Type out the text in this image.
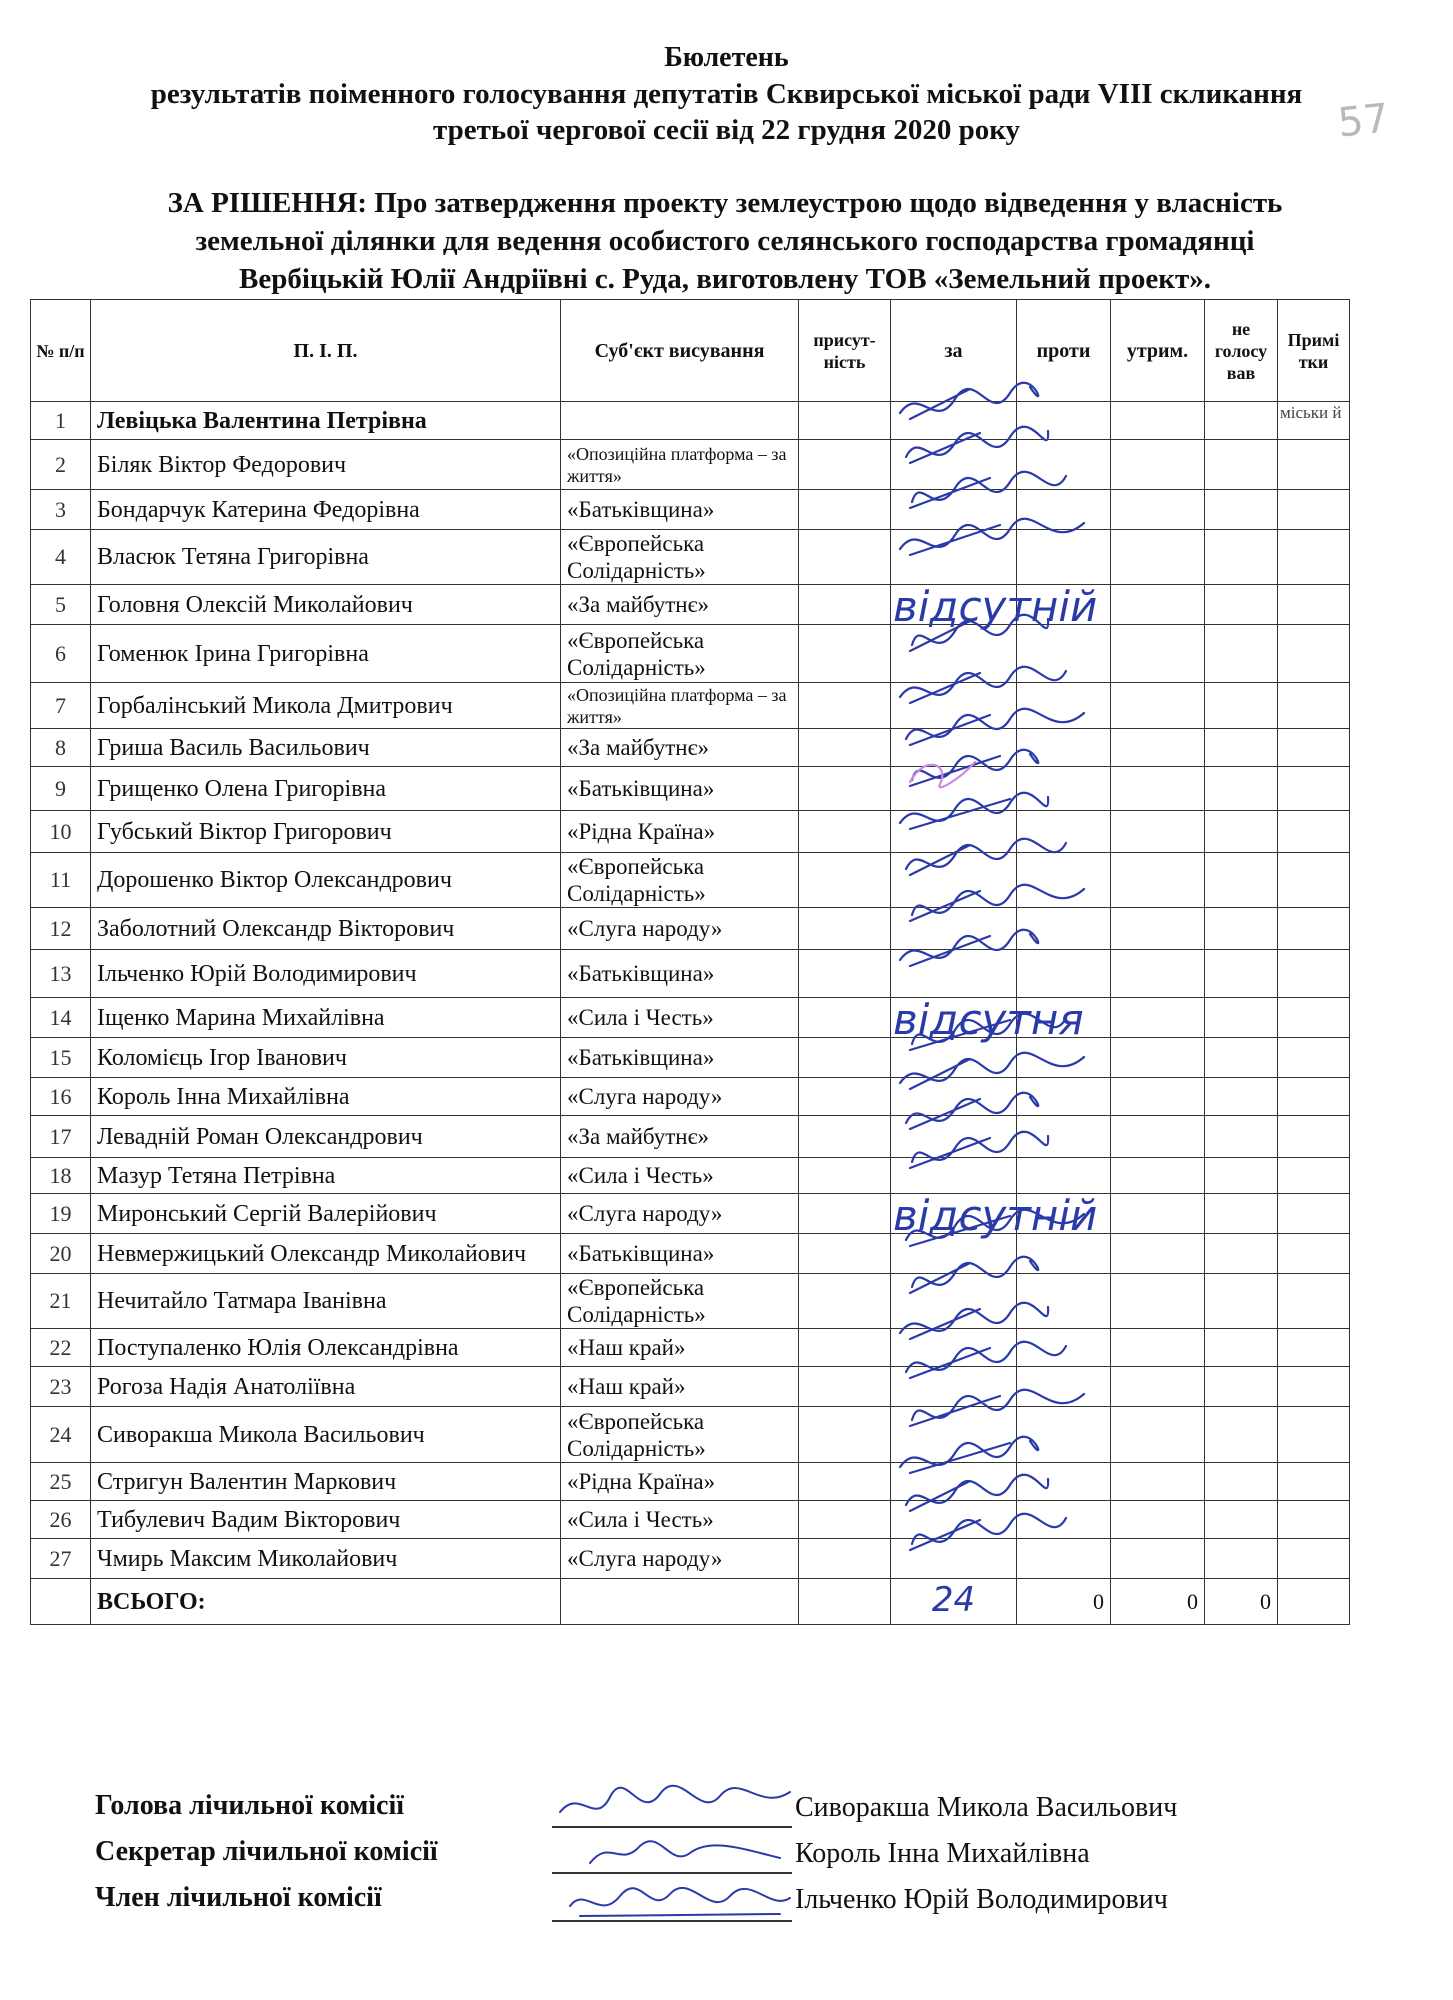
Бюлетень
результатів поіменного голосування депутатів Сквирської міської ради VIII скликання
третьої чергової сесії від 22 грудня 2020 року	57
ЗА РІШЕННЯ: Про затвердження проекту землеустрою щодо відведення у власність
земельної ділянки для ведення особистого селянського господарства громадянці
Вербіцькій Юлії Андріївні с. Руда, виготовлену ТОВ «Земельний проект».
№ п/п	П. І. П.	Суб'єкт висування	присут-ність	за	проти	утрим.	не голосу вав	Примі тки
1	Левіцька Валентина Петрівна							міськи й
2	Біляк Віктор Федорович	«Опозиційна платформа – за життя»						
3	Бондарчук Катерина Федорівна	«Батьківщина»						
4	Власюк Тетяна Григорівна	«Європейська Солідарність»						
5	Головня Олексій Миколайович	«За майбутнє»		відсутній				

6	Гоменюк Ірина Григорівна	«Європейська Солідарність»						
7	Горбалінський Микола Дмитрович	«Опозиційна платформа – за життя»						
8	Гриша Василь Васильович	«За майбутнє»						
9	Грищенко Олена Григорівна	«Батьківщина»						
10	Губський Віктор Григорович	«Рідна Країна»						
11	Дорошенко Віктор Олександрович	«Європейська Солідарність»						
12	Заболотний Олександр Вікторович	«Слуга народу»						
13	Ільченко Юрій Володимирович	«Батьківщина»						
14	Іщенко Марина Михайлівна	«Сила і Честь»		відсутня				

15	Коломієць Ігор Іванович	«Батьківщина»						
16	Король Інна Михайлівна	«Слуга народу»						
17	Левадній Роман Олександрович	«За майбутнє»						
18	Мазур Тетяна Петрівна	«Сила і Честь»						
19	Миронський Сергій Валерійович	«Слуга народу»		відсутній				

20	Невмержицький Олександр Миколайович	«Батьківщина»						
21	Нечитайло Татмара Іванівна	«Європейська Солідарність»						
22	Поступаленко Юлія Олександрівна	«Наш край»						
23	Рогоза Надія Анатоліївна	«Наш край»						
24	Сиворакша Микола Васильович	«Європейська Солідарність»						
25	Стригун Валентин Маркович	«Рідна Країна»						
26	Тибулевич Вадим Вікторович	«Сила і Честь»						
27	Чмирь Максим Миколайович	«Слуга народу»						
	ВСЬОГО:			24	0	0	0	
Голова лічильної комісії	Сиворакша Микола Васильович
Секретар лічильної комісії	Король Інна Михайлівна
Член лічильної комісії	Ільченко Юрій Володимирович
